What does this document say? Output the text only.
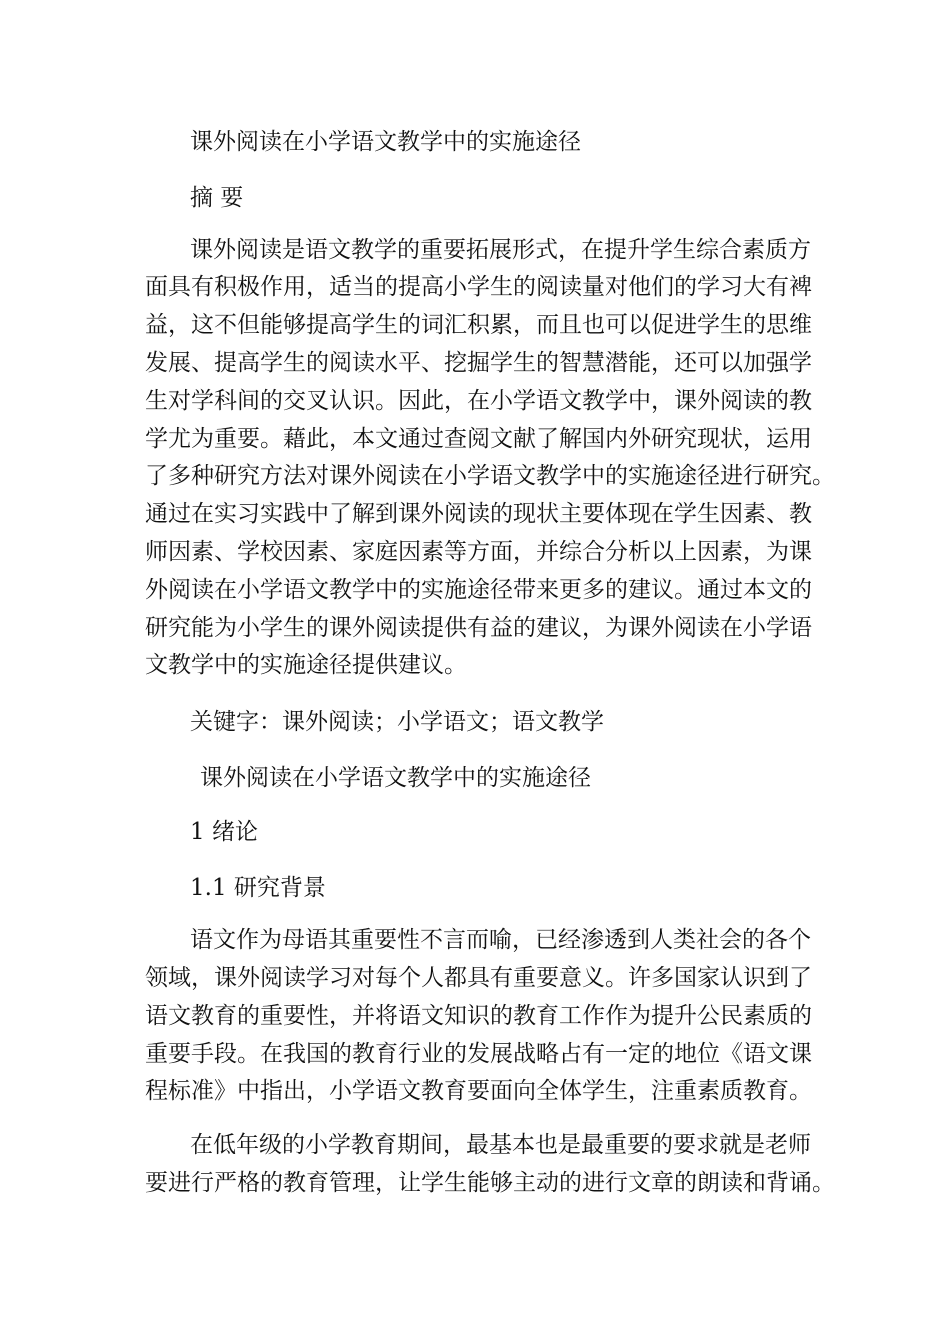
课外阅读在小学语文教学中的实施途径
摘 要
课外阅读是语文教学的重要拓展形式，在提升学生综合素质方
面具有积极作用，适当的提高小学生的阅读量对他们的学习大有裨
益，这不但能够提高学生的词汇积累，而且也可以促进学生的思维
发展、提高学生的阅读水平、挖掘学生的智慧潜能，还可以加强学
生对学科间的交叉认识。因此，在小学语文教学中，课外阅读的教
学尤为重要。藉此，本文通过查阅文献了解国内外研究现状，运用
了多种研究方法对课外阅读在小学语文教学中的实施途径进行研究。
通过在实习实践中了解到课外阅读的现状主要体现在学生因素、教
师因素、学校因素、家庭因素等方面，并综合分析以上因素，为课
外阅读在小学语文教学中的实施途径带来更多的建议。通过本文的
研究能为小学生的课外阅读提供有益的建议，为课外阅读在小学语
文教学中的实施途径提供建议。
关键字：课外阅读；小学语文；语文教学
课外阅读在小学语文教学中的实施途径
1 绪论
1.1 研究背景
语文作为母语其重要性不言而喻，已经渗透到人类社会的各个
领域，课外阅读学习对每个人都具有重要意义。许多国家认识到了
语文教育的重要性，并将语文知识的教育工作作为提升公民素质的
重要手段。在我国的教育行业的发展战略占有一定的地位《语文课
程标准》中指出，小学语文教育要面向全体学生，注重素质教育。
在低年级的小学教育期间，最基本也是最重要的要求就是老师
要进行严格的教育管理，让学生能够主动的进行文章的朗读和背诵。
